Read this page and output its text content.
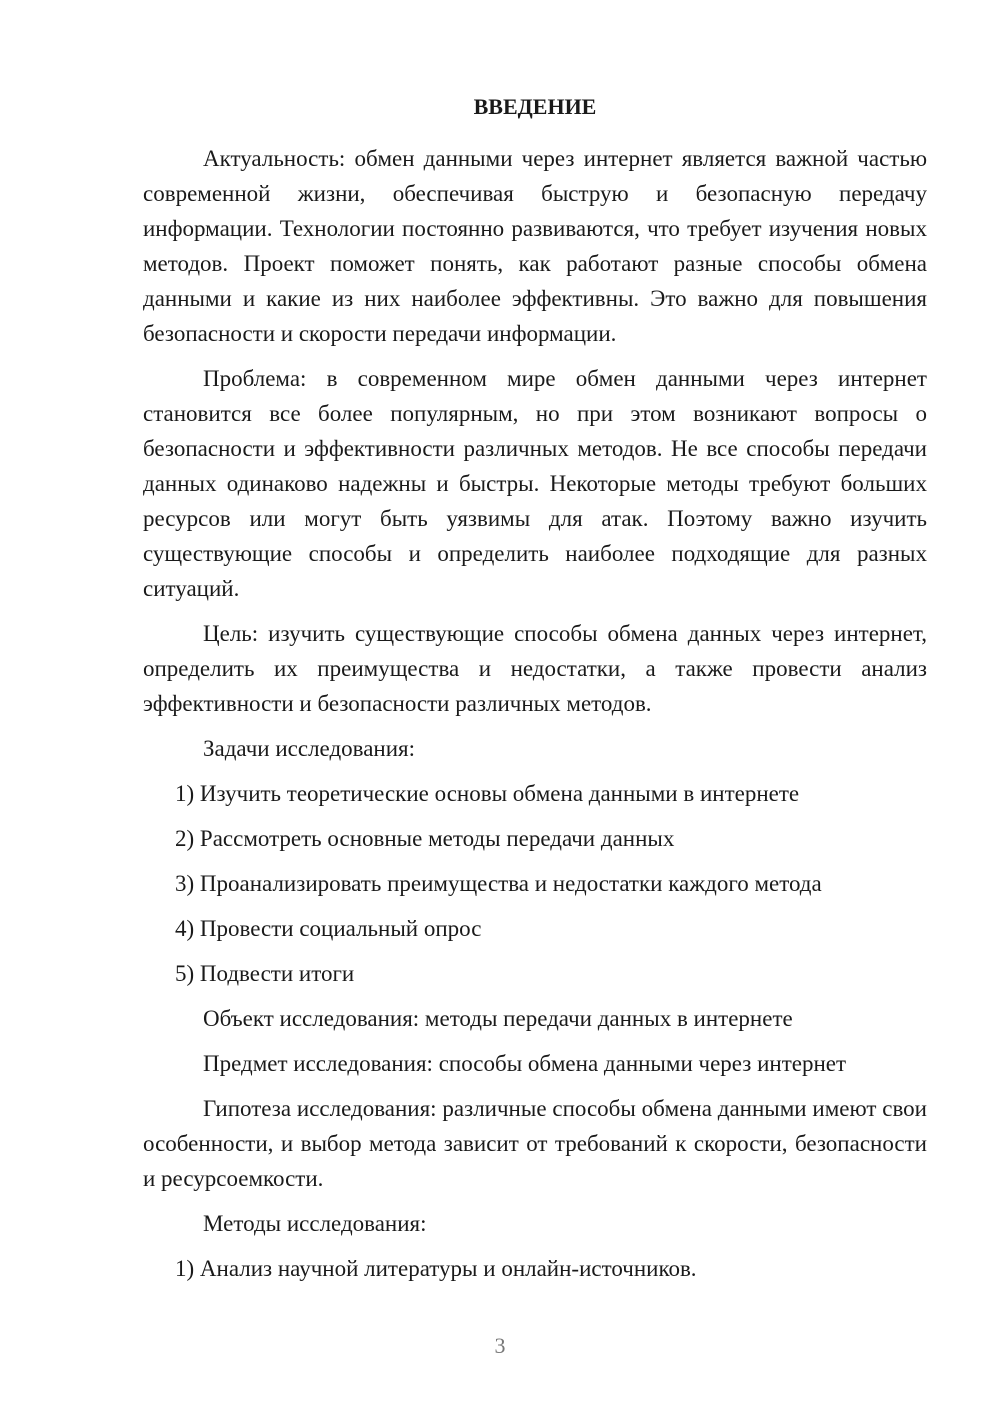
ВВЕДЕНИЕ

Актуальность: обмен данными через интернет является важной частью современной жизни, обеспечивая быструю и безопасную передачу информации. Технологии постоянно развиваются, что требует изучения новых методов. Проект поможет понять, как работают разные способы обмена данными и какие из них наиболее эффективны. Это важно для повышения безопасности и скорости передачи информации.

Проблема: в современном мире обмен данными через интернет становится все более популярным, но при этом возникают вопросы о безопасности и эффективности различных методов. Не все способы передачи данных одинаково надежны и быстры. Некоторые методы требуют больших ресурсов или могут быть уязвимы для атак. Поэтому важно изучить существующие способы и определить наиболее подходящие для разных ситуаций.

Цель: изучить существующие способы обмена данных через интернет, определить их преимущества и недостатки, а также провести анализ эффективности и безопасности различных методов.

Задачи исследования:
1) Изучить теоретические основы обмена данными в интернете
2) Рассмотреть основные методы передачи данных
3) Проанализировать преимущества и недостатки каждого метода
4) Провести социальный опрос
5) Подвести итоги
Объект исследования: методы передачи данных в интернете
Предмет исследования: способы обмена данными через интернет

Гипотеза исследования: различные способы обмена данными имеют свои особенности, и выбор метода зависит от требований к скорости, безопасности и ресурсоемкости.

Методы исследования:
1) Анализ научной литературы и онлайн-источников.
3
